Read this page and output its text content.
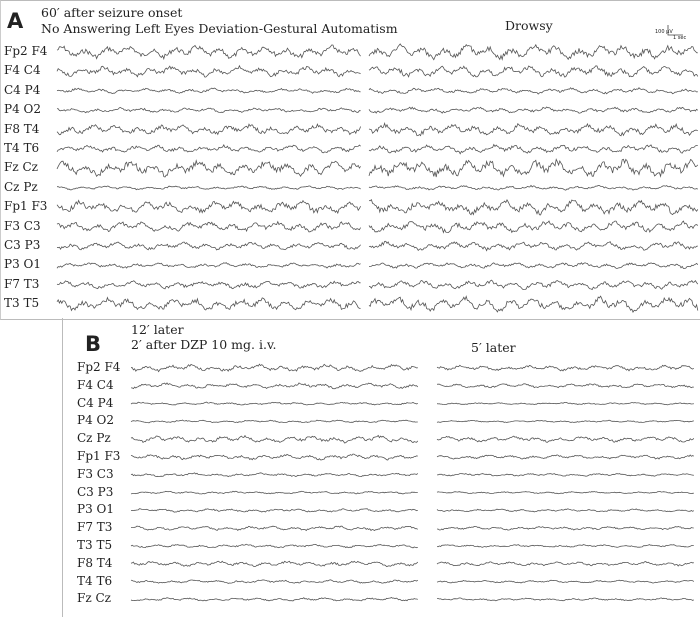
A 60′ after seizure onset
No Answering Left Eyes Deviation-Gestural Automatism	Drowsy	100 µV
1 sec
Fp2 F4
F4 C4
C4 P4
P4 O2
F8 T4
T4 T6
Fz Cz
Cz Pz
Fp1 F3
F3 C3
C3 P3
P3 O1
F7 T3
T3 T5
B
12′ later
2′ after DZP 10 mg. i.v.	5′ later
Fp2 F4
F4 C4
C4 P4
P4 O2
Cz Pz
Fp1 F3
F3 C3
C3 P3
P3 O1
F7 T3
T3 T5
F8 T4
T4 T6
Fz Cz
